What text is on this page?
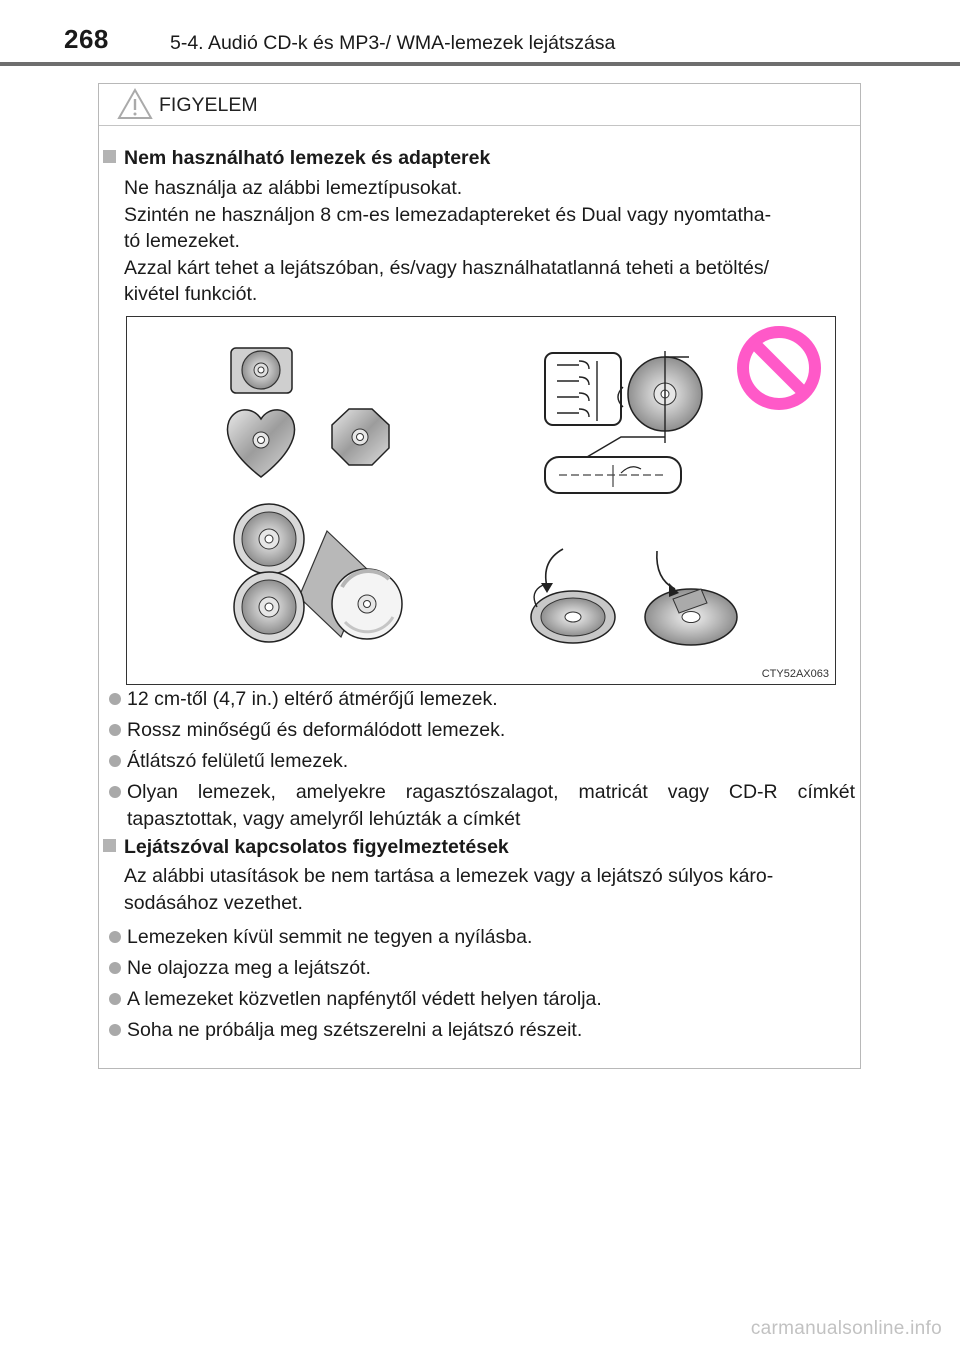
268	5-4. Audió CD-k és MP3-/ WMA-lemezek lejátszása
FIGYELEM
Nem használható lemezek és adapterek
Ne használja az alábbi lemeztípusokat.
Szintén ne használjon 8 cm-es lemezadaptereket és Dual vagy nyomtatha-
tó lemezeket.
Azzal kárt tehet a lejátszóban, és/vagy használhatatlanná teheti a betöltés/
kivétel funkciót.
CTY52AX063
12 cm-től (4,7 in.) eltérő átmérőjű lemezek.
Rossz minőségű és deformálódott lemezek.
Átlátszó felületű lemezek.
Olyan lemezek, amelyekre ragasztószalagot, matricát vagy CD-R címkét tapasztottak, vagy amelyről lehúzták a címkét
Lejátszóval kapcsolatos figyelmeztetések
Az alábbi utasítások be nem tartása a lemezek vagy a lejátszó súlyos káro-
sodásához vezethet.
Lemezeken kívül semmit ne tegyen a nyílásba.
Ne olajozza meg a lejátszót.
A lemezeket közvetlen napfénytől védett helyen tárolja.
Soha ne próbálja meg szétszerelni a lejátszó részeit.
carmanualsonline.info
